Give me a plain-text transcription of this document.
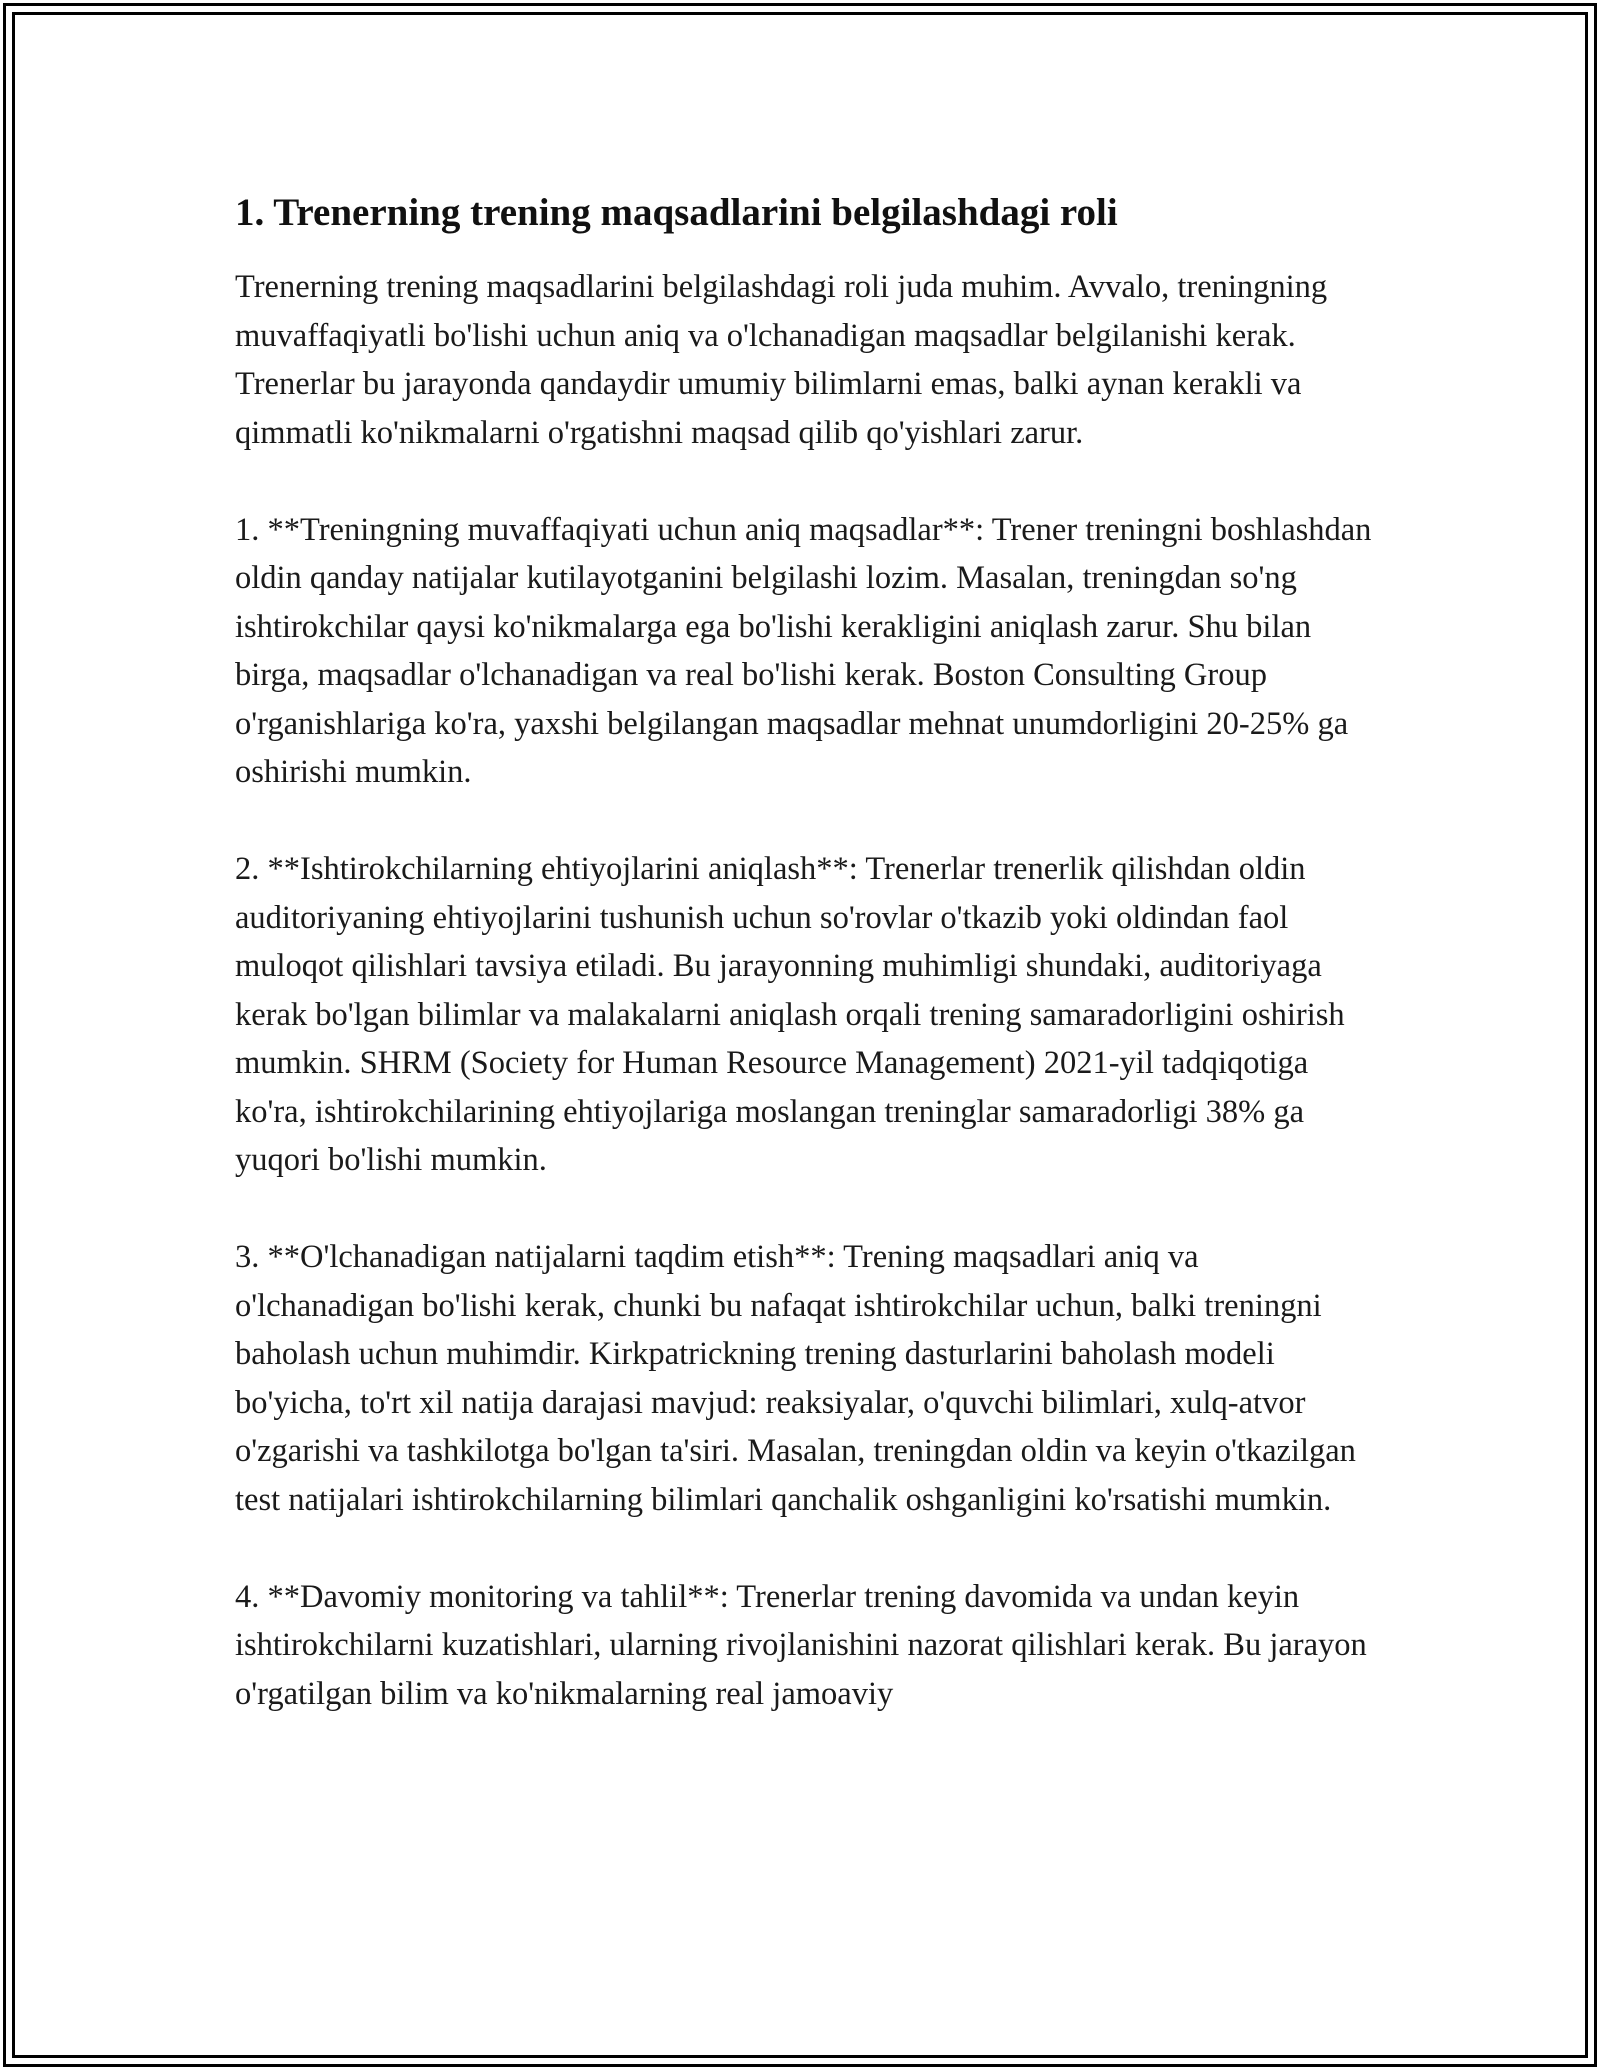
1. Trenerning trening maqsadlarini belgilashdagi roli

Trenerning trening maqsadlarini belgilashdagi roli juda muhim. Avvalo, treningning muvaffaqiyatli bo'lishi uchun aniq va o'lchanadigan maqsadlar belgilanishi kerak. Trenerlar bu jarayonda qandaydir umumiy bilimlarni emas, balki aynan kerakli va qimmatli ko'nikmalarni o'rgatishni maqsad qilib qo'yishlari zarur.

1. **Treningning muvaffaqiyati uchun aniq maqsadlar**: Trener treningni boshlashdan oldin qanday natijalar kutilayotganini belgilashi lozim. Masalan, treningdan so'ng ishtirokchilar qaysi ko'nikmalarga ega bo'lishi kerakligini aniqlash zarur. Shu bilan birga, maqsadlar o'lchanadigan va real bo'lishi kerak. Boston Consulting Group o'rganishlariga ko'ra, yaxshi belgilangan maqsadlar mehnat unumdorligini 20-25% ga oshirishi mumkin.

2. **Ishtirokchilarning ehtiyojlarini aniqlash**: Trenerlar trenerlik qilishdan oldin auditoriyaning ehtiyojlarini tushunish uchun so'rovlar o'tkazib yoki oldindan faol muloqot qilishlari tavsiya etiladi. Bu jarayonning muhimligi shundaki, auditoriyaga kerak bo'lgan bilimlar va malakalarni aniqlash orqali trening samaradorligini oshirish mumkin. SHRM (Society for Human Resource Management) 2021-yil tadqiqotiga ko'ra, ishtirokchilarining ehtiyojlariga moslangan treninglar samaradorligi 38% ga yuqori bo'lishi mumkin.

3. **O'lchanadigan natijalarni taqdim etish**: Trening maqsadlari aniq va o'lchanadigan bo'lishi kerak, chunki bu nafaqat ishtirokchilar uchun, balki treningni baholash uchun muhimdir. Kirkpatrickning trening dasturlarini baholash modeli bo'yicha, to'rt xil natija darajasi mavjud: reaksiyalar, o'quvchi bilimlari, xulq-atvor o'zgarishi va tashkilotga bo'lgan ta'siri. Masalan, treningdan oldin va keyin o'tkazilgan test natijalari ishtirokchilarning bilimlari qanchalik oshganligini ko'rsatishi mumkin.

4. **Davomiy monitoring va tahlil**: Trenerlar trening davomida va undan keyin ishtirokchilarni kuzatishlari, ularning rivojlanishini nazorat qilishlari kerak. Bu jarayon o'rgatilgan bilim va ko'nikmalarning real jamoaviy
